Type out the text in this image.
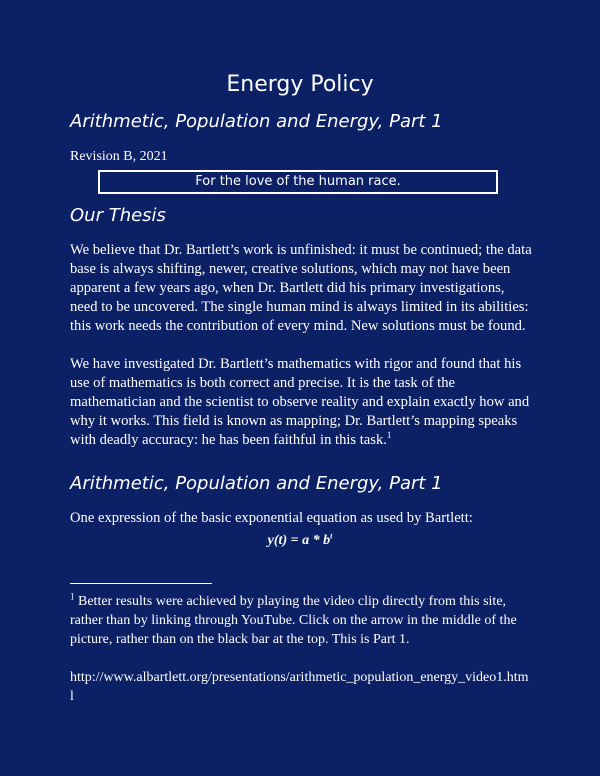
Energy Policy
Arithmetic, Population and Energy, Part 1
Revision B, 2021
For the love of the human race.
Our Thesis

We believe that Dr. Bartlett’s work is unfinished: it must be continued; the data base is always shifting, newer, creative solutions, which may not have been apparent a few years ago, when Dr. Bartlett did his primary investigations, need to be uncovered. The single human mind is always limited in its abilities: this work needs the contribution of every mind. New solutions must be found.

We have investigated Dr. Bartlett’s mathematics with rigor and found that his use of mathematics is both correct and precise. It is the task of the mathematician and the scientist to observe reality and explain exactly how and why it works. This field is known as mapping; Dr. Bartlett’s mapping speaks with deadly accuracy: he has been faithful in this task.$^1$

Arithmetic, Population and Energy, Part 1

One expression of the basic exponential equation as used by Bartlett:

$y(t) = a * b^t$

$^1$ Better results were achieved by playing the video clip directly from this site, rather than by linking through YouTube. Click on the arrow in the middle of the picture, rather than on the black bar at the top. This is Part 1.

http://www.albartlett.org/presentations/arithmetic_population_energy_video1.html
